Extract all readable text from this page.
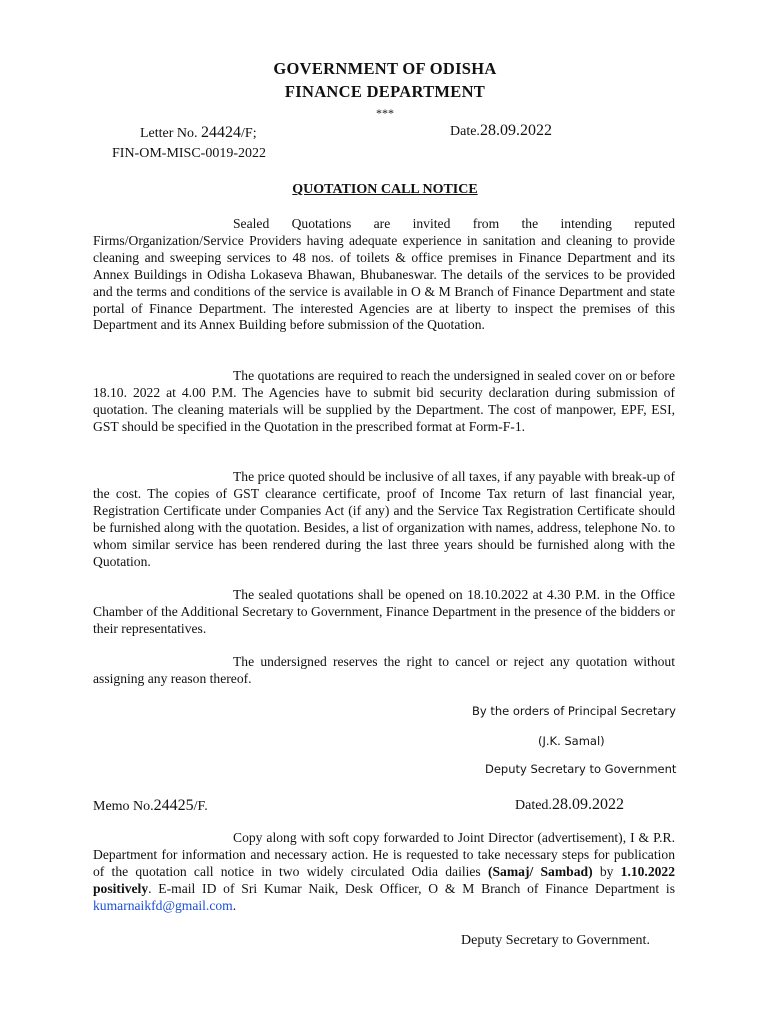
GOVERNMENT OF ODISHA
FINANCE DEPARTMENT
***
Letter No. 24424/F;	Date.28.09.2022
FIN-OM-MISC-0019-2022
QUOTATION CALL NOTICE

Sealed Quotations are invited from the intending reputed Firms/Organization/Service Providers having adequate experience in sanitation and cleaning to provide cleaning and sweeping services to 48 nos. of toilets & office premises in Finance Department and its Annex Buildings in Odisha Lokaseva Bhawan, Bhubaneswar. The details of the services to be provided and the terms and conditions of the service is available in O & M Branch of Finance Department and state portal of Finance Department. The interested Agencies are at liberty to inspect the premises of this Department and its Annex Building before submission of the Quotation.

The quotations are required to reach the undersigned in sealed cover on or before 18.10. 2022 at 4.00 P.M. The Agencies have to submit bid security declaration during submission of quotation. The cleaning materials will be supplied by the Department. The cost of manpower, EPF, ESI, GST should be specified in the Quotation in the prescribed format at Form-F-1.

The price quoted should be inclusive of all taxes, if any payable with break-up of the cost. The copies of GST clearance certificate, proof of Income Tax return of last financial year, Registration Certificate under Companies Act (if any) and the Service Tax Registration Certificate should be furnished along with the quotation. Besides, a list of organization with names, address, telephone No. to whom similar service has been rendered during the last three years should be furnished along with the Quotation.

The sealed quotations shall be opened on 18.10.2022 at 4.30 P.M. in the Office Chamber of the Additional Secretary to Government, Finance Department in the presence of the bidders or their representatives.

The undersigned reserves the right to cancel or reject any quotation without assigning any reason thereof.

By the orders of Principal Secretary
(J.K. Samal)
Deputy Secretary to Government
Memo No.24425/F.	Dated.28.09.2022

Copy along with soft copy forwarded to Joint Director (advertisement), I & P.R. Department for information and necessary action. He is requested to take necessary steps for publication of the quotation call notice in two widely circulated Odia dailies (Samaj/ Sambad) by 1.10.2022 positively. E-mail ID of Sri Kumar Naik, Desk Officer, O & M Branch of Finance Department is kumarnaikfd@gmail.com.

Deputy Secretary to Government.
